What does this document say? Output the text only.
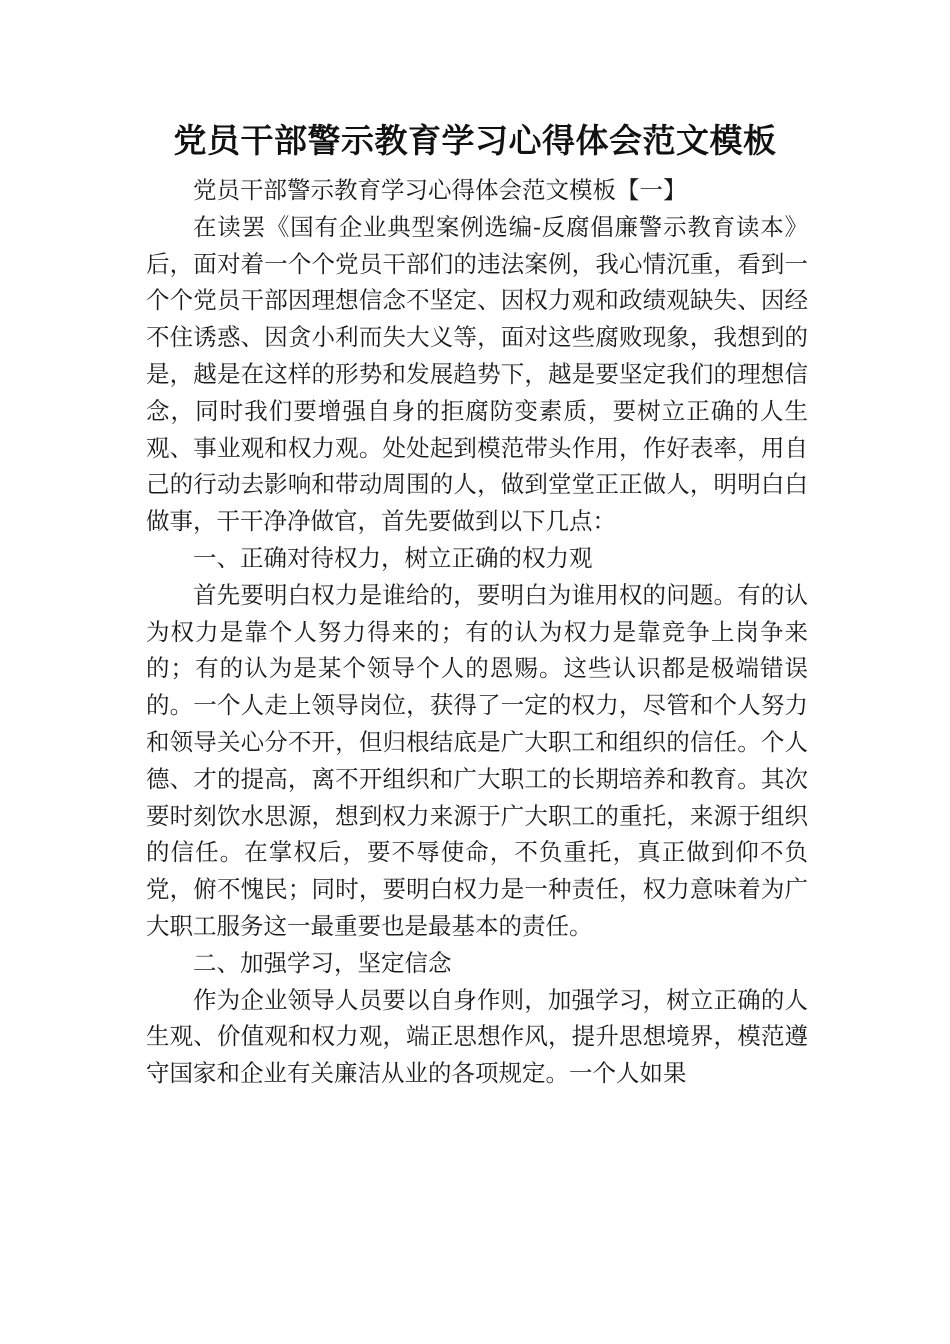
党员干部警示教育学习心得体会范文模板

党员干部警示教育学习心得体会范文模板【一】

在读罢《国有企业典型案例选编-反腐倡廉警示教育读本》后，面对着一个个党员干部们的违法案例，我心情沉重，看到一个个党员干部因理想信念不坚定、因权力观和政绩观缺失、因经不住诱惑、因贪小利而失大义等，面对这些腐败现象，我想到的是，越是在这样的形势和发展趋势下，越是要坚定我们的理想信念，同时我们要增强自身的拒腐防变素质，要树立正确的人生观、事业观和权力观。处处起到模范带头作用，作好表率，用自己的行动去影响和带动周围的人，做到堂堂正正做人，明明白白做事，干干净净做官，首先要做到以下几点：

一、正确对待权力，树立正确的权力观

首先要明白权力是谁给的，要明白为谁用权的问题。有的认为权力是靠个人努力得来的；有的认为权力是靠竞争上岗争来的；有的认为是某个领导个人的恩赐。这些认识都是极端错误的。一个人走上领导岗位，获得了一定的权力，尽管和个人努力和领导关心分不开，但归根结底是广大职工和组织的信任。个人德、才的提高，离不开组织和广大职工的长期培养和教育。其次要时刻饮水思源，想到权力来源于广大职工的重托，来源于组织的信任。在掌权后，要不辱使命，不负重托，真正做到仰不负党，俯不愧民；同时，要明白权力是一种责任，权力意味着为广大职工服务这一最重要也是最基本的责任。

二、加强学习，坚定信念

作为企业领导人员要以自身作则，加强学习，树立正确的人生观、价值观和权力观，端正思想作风，提升思想境界，模范遵守国家和企业有关廉洁从业的各项规定。一个人如果
